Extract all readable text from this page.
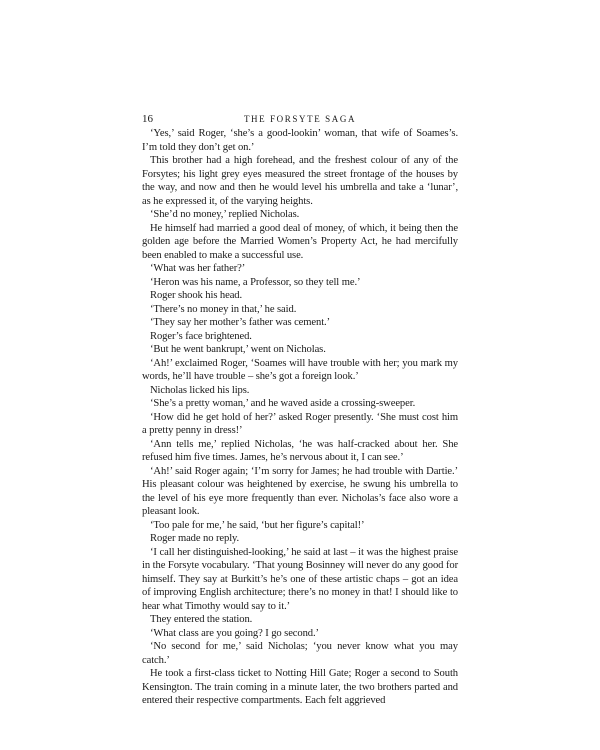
16	THE FORSYTE SAGA

‘Yes,’ said Roger, ‘she’s a good-lookin’ woman, that wife of Soames’s. I’m told they don’t get on.’

This brother had a high forehead, and the freshest colour of any of the Forsytes; his light grey eyes measured the street frontage of the houses by the way, and now and then he would level his umbrella and take a ‘lunar’, as he expressed it, of the varying heights.

‘She’d no money,’ replied Nicholas.

He himself had married a good deal of money, of which, it being then the golden age before the Married Women’s Property Act, he had mercifully been enabled to make a successful use.

‘What was her father?’

‘Heron was his name, a Professor, so they tell me.’

Roger shook his head.

‘There’s no money in that,’ he said.

‘They say her mother’s father was cement.’

Roger’s face brightened.

‘But he went bankrupt,’ went on Nicholas.

‘Ah!’ exclaimed Roger, ‘Soames will have trouble with her; you mark my words, he’ll have trouble – she’s got a foreign look.’

Nicholas licked his lips.

‘She’s a pretty woman,’ and he waved aside a crossing-sweeper.

‘How did he get hold of her?’ asked Roger presently. ‘She must cost him a pretty penny in dress!’

‘Ann tells me,’ replied Nicholas, ‘he was half-cracked about her. She refused him five times. James, he’s nervous about it, I can see.’

‘Ah!’ said Roger again; ‘I’m sorry for James; he had trouble with Dartie.’ His pleasant colour was heightened by exercise, he swung his umbrella to the level of his eye more frequently than ever. Nicholas’s face also wore a pleasant look.

‘Too pale for me,’ he said, ‘but her figure’s capital!’

Roger made no reply.

‘I call her distinguished-looking,’ he said at last – it was the highest praise in the Forsyte vocabulary. ‘That young Bosinney will never do any good for himself. They say at Burkitt’s he’s one of these artistic chaps – got an idea of improving English architecture; there’s no money in that! I should like to hear what Timothy would say to it.’

They entered the station.

‘What class are you going? I go second.’

‘No second for me,’ said Nicholas; ‘you never know what you may catch.’

He took a first-class ticket to Notting Hill Gate; Roger a second to South Kensington. The train coming in a minute later, the two brothers parted and entered their respective compartments. Each felt aggrieved
